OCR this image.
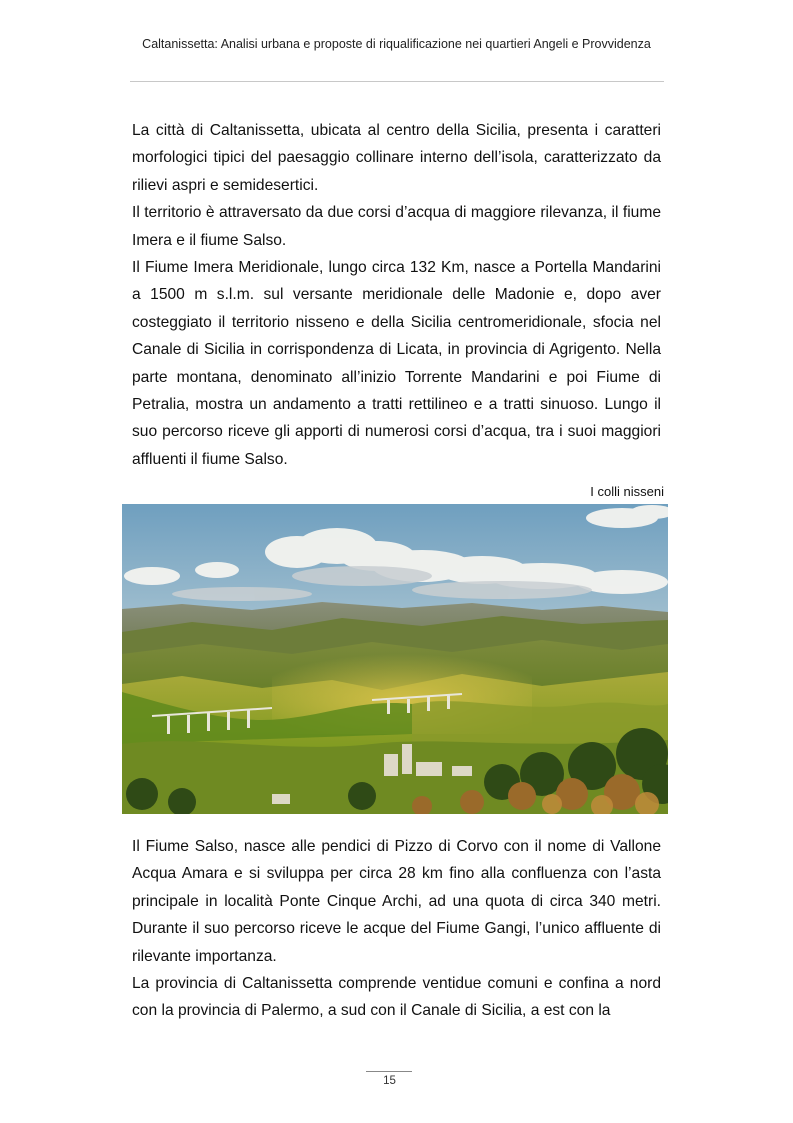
Caltanissetta: Analisi urbana e proposte di riqualificazione nei quartieri Angeli e Provvidenza

La città di Caltanissetta, ubicata al centro della Sicilia, presenta i caratteri morfologici tipici del paesaggio collinare interno dell’isola, caratterizzato da rilievi aspri e semidesertici.

Il territorio è attraversato da due corsi d’acqua di maggiore rilevanza, il fiume Imera e il fiume Salso.

Il Fiume Imera Meridionale, lungo circa 132 Km, nasce a Portella Mandarini a 1500 m s.l.m. sul versante meridionale delle Madonie e, dopo aver costeggiato il territorio nisseno e della Sicilia centromeridionale, sfocia nel Canale di Sicilia in corrispondenza di Licata, in provincia di Agrigento. Nella parte montana, denominato all’inizio Torrente Mandarini e poi Fiume di Petralia, mostra un andamento a tratti rettilineo e a tratti sinuoso. Lungo il suo percorso riceve gli apporti di numerosi corsi d’acqua, tra i suoi maggiori affluenti il fiume Salso.

I colli nisseni

Il Fiume Salso, nasce alle pendici di Pizzo di Corvo con il nome di Vallone Acqua Amara e si sviluppa per circa 28 km fino alla confluenza con l’asta principale in località Ponte Cinque Archi, ad una quota di circa 340 metri. Durante il suo percorso riceve le acque del Fiume Gangi, l’unico affluente di rilevante importanza.

La provincia di Caltanissetta comprende ventidue comuni e confina a nord con la provincia di Palermo, a sud con il Canale di Sicilia, a est con la

15
